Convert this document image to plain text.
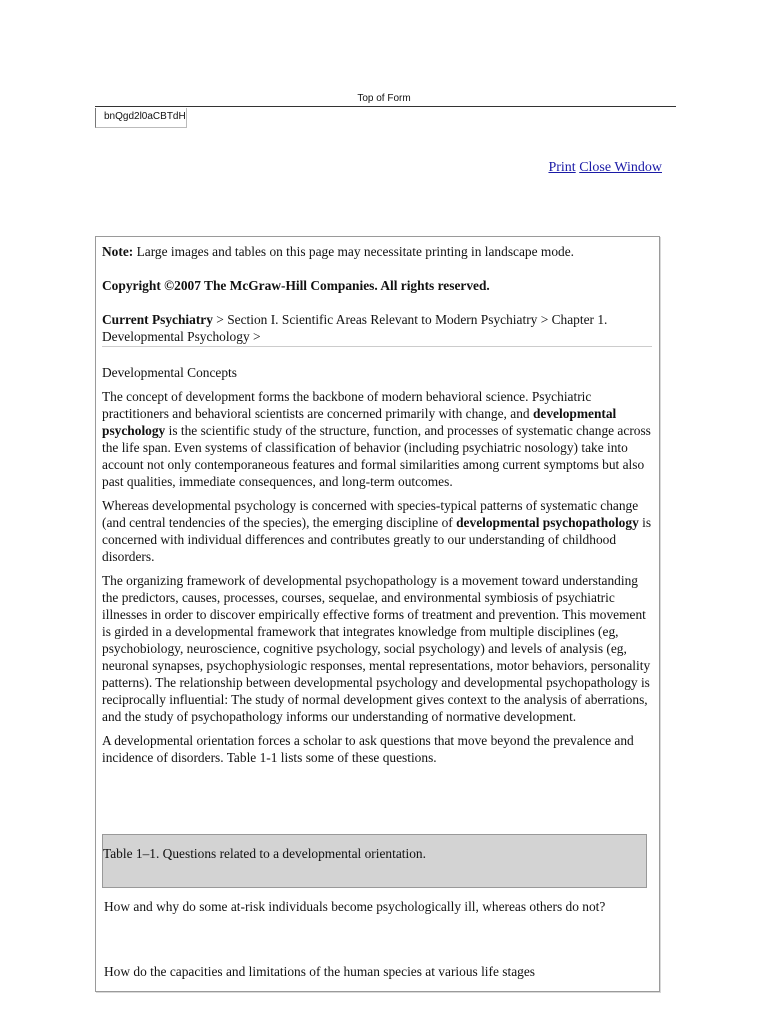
Top of Form
bnQgd2l0aCBTdH
Print Close Window

Note: Large images and tables on this page may necessitate printing in landscape mode.

Copyright ©2007 The McGraw-Hill Companies. All rights reserved.

Current Psychiatry > Section I. Scientific Areas Relevant to Modern Psychiatry > Chapter 1. Developmental Psychology >

Developmental Concepts

The concept of development forms the backbone of modern behavioral science. Psychiatric practitioners and behavioral scientists are concerned primarily with change, and developmental psychology is the scientific study of the structure, function, and processes of systematic change across the life span. Even systems of classification of behavior (including psychiatric nosology) take into account not only contemporaneous features and formal similarities among current symptoms but also past qualities, immediate consequences, and long-term outcomes.

Whereas developmental psychology is concerned with species-typical patterns of systematic change (and central tendencies of the species), the emerging discipline of developmental psychopathology is concerned with individual differences and contributes greatly to our understanding of childhood disorders.

The organizing framework of developmental psychopathology is a movement toward understanding the predictors, causes, processes, courses, sequelae, and environmental symbiosis of psychiatric illnesses in order to discover empirically effective forms of treatment and prevention. This movement is girded in a developmental framework that integrates knowledge from multiple disciplines (eg, psychobiology, neuroscience, cognitive psychology, social psychology) and levels of analysis (eg, neuronal synapses, psychophysiologic responses, mental representations, motor behaviors, personality patterns). The relationship between developmental psychology and developmental psychopathology is reciprocally influential: The study of normal development gives context to the analysis of aberrations, and the study of psychopathology informs our understanding of normative development.

A developmental orientation forces a scholar to ask questions that move beyond the prevalence and incidence of disorders. Table 1-1 lists some of these questions.

Table 1–1. Questions related to a developmental orientation.
How and why do some at-risk individuals become psychologically ill, whereas others do not?
How do the capacities and limitations of the human species at various life stages
